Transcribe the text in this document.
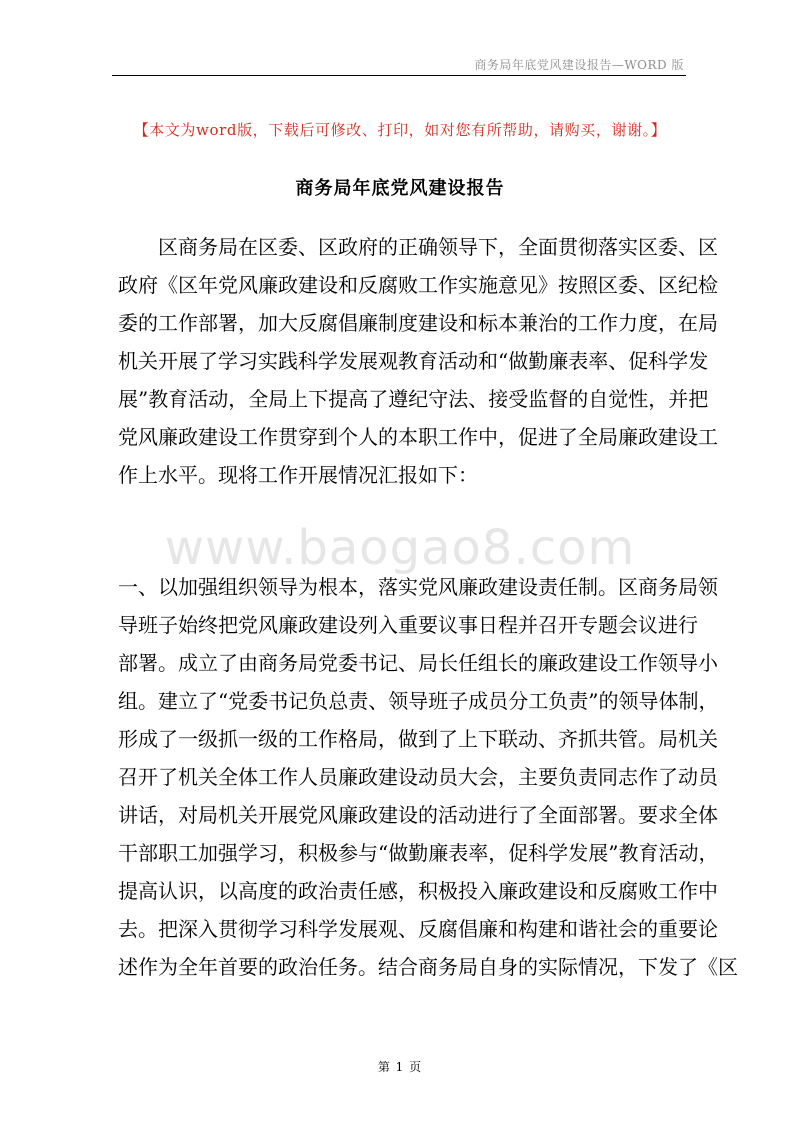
商务局年底党风建设报告—WORD 版
【本文为word版，下载后可修改、打印，如对您有所帮助，请购买，谢谢。】
商务局年底党风建设报告
　　区商务局在区委、区政府的正确领导下，全面贯彻落实区委、区
政府《区年党风廉政建设和反腐败工作实施意见》按照区委、区纪检
委的工作部署，加大反腐倡廉制度建设和标本兼治的工作力度，在局
机关开展了学习实践科学发展观教育活动和“做勤廉表率、促科学发
展”教育活动，全局上下提高了遵纪守法、接受监督的自觉性，并把
党风廉政建设工作贯穿到个人的本职工作中，促进了全局廉政建设工
作上水平。现将工作开展情况汇报如下：
www.baogao8.com
一、以加强组织领导为根本，落实党风廉政建设责任制。区商务局领
导班子始终把党风廉政建设列入重要议事日程并召开专题会议进行
部署。成立了由商务局党委书记、局长任组长的廉政建设工作领导小
组。建立了“党委书记负总责、领导班子成员分工负责”的领导体制，
形成了一级抓一级的工作格局，做到了上下联动、齐抓共管。局机关
召开了机关全体工作人员廉政建设动员大会，主要负责同志作了动员
讲话，对局机关开展党风廉政建设的活动进行了全面部署。要求全体
干部职工加强学习，积极参与“做勤廉表率，促科学发展”教育活动，
提高认识，以高度的政治责任感，积极投入廉政建设和反腐败工作中
去。把深入贯彻学习科学发展观、反腐倡廉和构建和谐社会的重要论
述作为全年首要的政治任务。结合商务局自身的实际情况，下发了《区
第 1 页
